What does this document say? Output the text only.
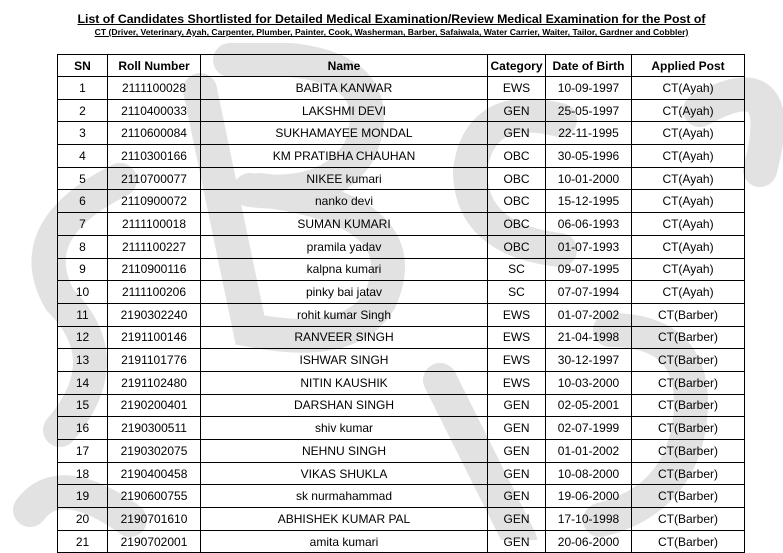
List of Candidates Shortlisted for Detailed Medical Examination/Review Medical Examination for the Post of
CT (Driver, Veterinary, Ayah, Carpenter, Plumber, Painter, Cook, Washerman, Barber, Safaiwala, Water Carrier, Waiter, Tailor, Gardner and Cobbler)
SN	Roll Number	Name	Category	Date of Birth	Applied Post
1	2111100028	BABITA KANWAR	EWS	10-09-1997	CT(Ayah)
2	2110400033	LAKSHMI DEVI	GEN	25-05-1997	CT(Ayah)
3	2110600084	SUKHAMAYEE MONDAL	GEN	22-11-1995	CT(Ayah)
4	2110300166	KM PRATIBHA CHAUHAN	OBC	30-05-1996	CT(Ayah)
5	2110700077	NIKEE kumari	OBC	10-01-2000	CT(Ayah)
6	2110900072	nanko devi	OBC	15-12-1995	CT(Ayah)
7	2111100018	SUMAN KUMARI	OBC	06-06-1993	CT(Ayah)
8	2111100227	pramila yadav	OBC	01-07-1993	CT(Ayah)
9	2110900116	kalpna kumari	SC	09-07-1995	CT(Ayah)
10	2111100206	pinky bai jatav	SC	07-07-1994	CT(Ayah)
11	2190302240	rohit kumar Singh	EWS	01-07-2002	CT(Barber)
12	2191100146	RANVEER SINGH	EWS	21-04-1998	CT(Barber)
13	2191101776	ISHWAR SINGH	EWS	30-12-1997	CT(Barber)
14	2191102480	NITIN KAUSHIK	EWS	10-03-2000	CT(Barber)
15	2190200401	DARSHAN SINGH	GEN	02-05-2001	CT(Barber)
16	2190300511	shiv kumar	GEN	02-07-1999	CT(Barber)
17	2190302075	NEHNU SINGH	GEN	01-01-2002	CT(Barber)
18	2190400458	VIKAS SHUKLA	GEN	10-08-2000	CT(Barber)
19	2190600755	sk nurmahammad	GEN	19-06-2000	CT(Barber)
20	2190701610	ABHISHEK KUMAR PAL	GEN	17-10-1998	CT(Barber)
21	2190702001	amita kumari	GEN	20-06-2000	CT(Barber)
